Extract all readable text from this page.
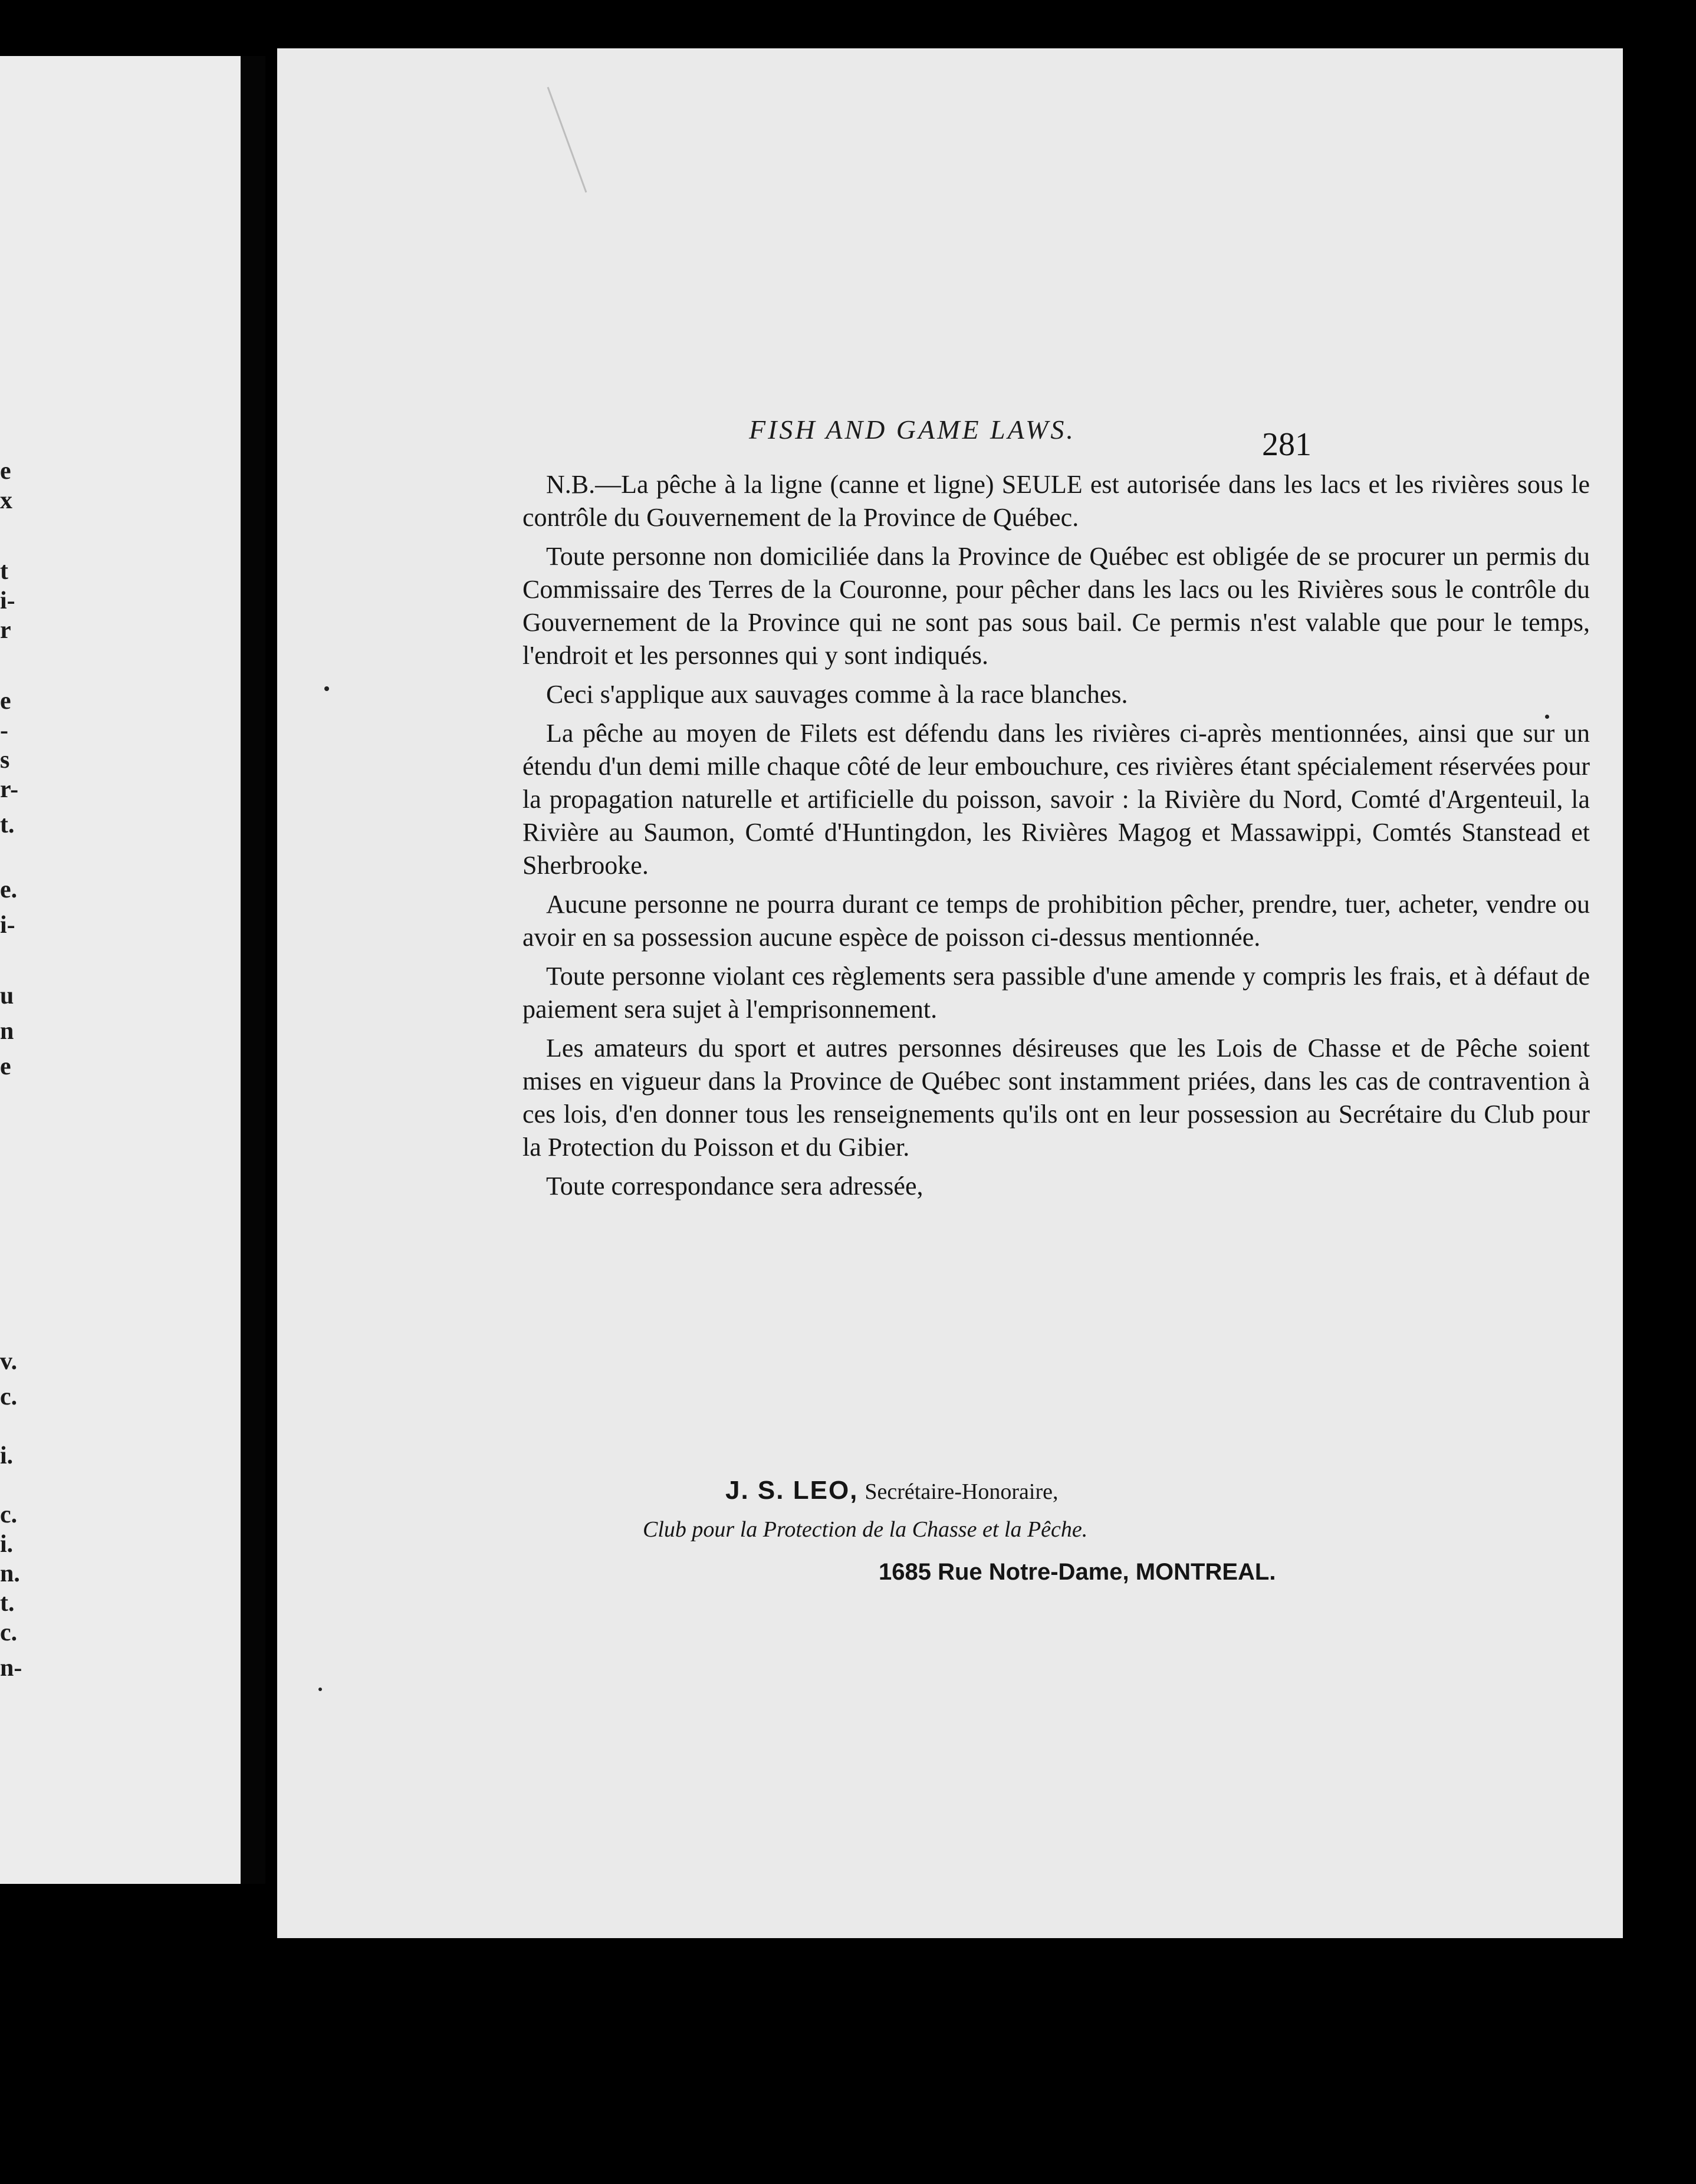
e
x
t
i-
r
e
-
s
r-
t.
e.
i-
u
n
e
v.
c.
i.
c.
i.
n.
t.
c.
n-
FISH AND GAME LAWS.	281

N.B.—La pêche à la ligne (canne et ligne) SEULE est autorisée dans les lacs et les rivières sous le contrôle du Gouvernement de la Province de Québec.

Toute personne non domiciliée dans la Province de Québec est obligée de se procurer un permis du Commissaire des Terres de la Couronne, pour pêcher dans les lacs ou les Rivières sous le contrôle du Gouvernement de la Province qui ne sont pas sous bail. Ce permis n'est valable que pour le temps, l'endroit et les personnes qui y sont indiqués.

Ceci s'applique aux sauvages comme à la race blanches.

La pêche au moyen de Filets est défendu dans les rivières ci-après mentionnées, ainsi que sur un étendu d'un demi mille chaque côté de leur embouchure, ces rivières étant spécialement réservées pour la propagation naturelle et artificielle du poisson, savoir : la Rivière du Nord, Comté d'Argenteuil, la Rivière au Saumon, Comté d'Huntingdon, les Rivières Magog et Massawippi, Comtés Stanstead et Sherbrooke.

Aucune personne ne pourra durant ce temps de prohibition pêcher, prendre, tuer, acheter, vendre ou avoir en sa possession aucune espèce de poisson ci-dessus mentionnée.

Toute personne violant ces règlements sera passible d'une amende y compris les frais, et à défaut de paiement sera sujet à l'emprisonnement.

Les amateurs du sport et autres personnes désireuses que les Lois de Chasse et de Pêche soient mises en vigueur dans la Province de Québec sont instamment priées, dans les cas de contravention à ces lois, d'en donner tous les renseignements qu'ils ont en leur possession au Secrétaire du Club pour la Protection du Poisson et du Gibier.

Toute correspondance sera adressée,

J. S. LEO, Secrétaire-Honoraire,
Club pour la Protection de la Chasse et la Pêche.
1685 Rue Notre-Dame, MONTREAL.
